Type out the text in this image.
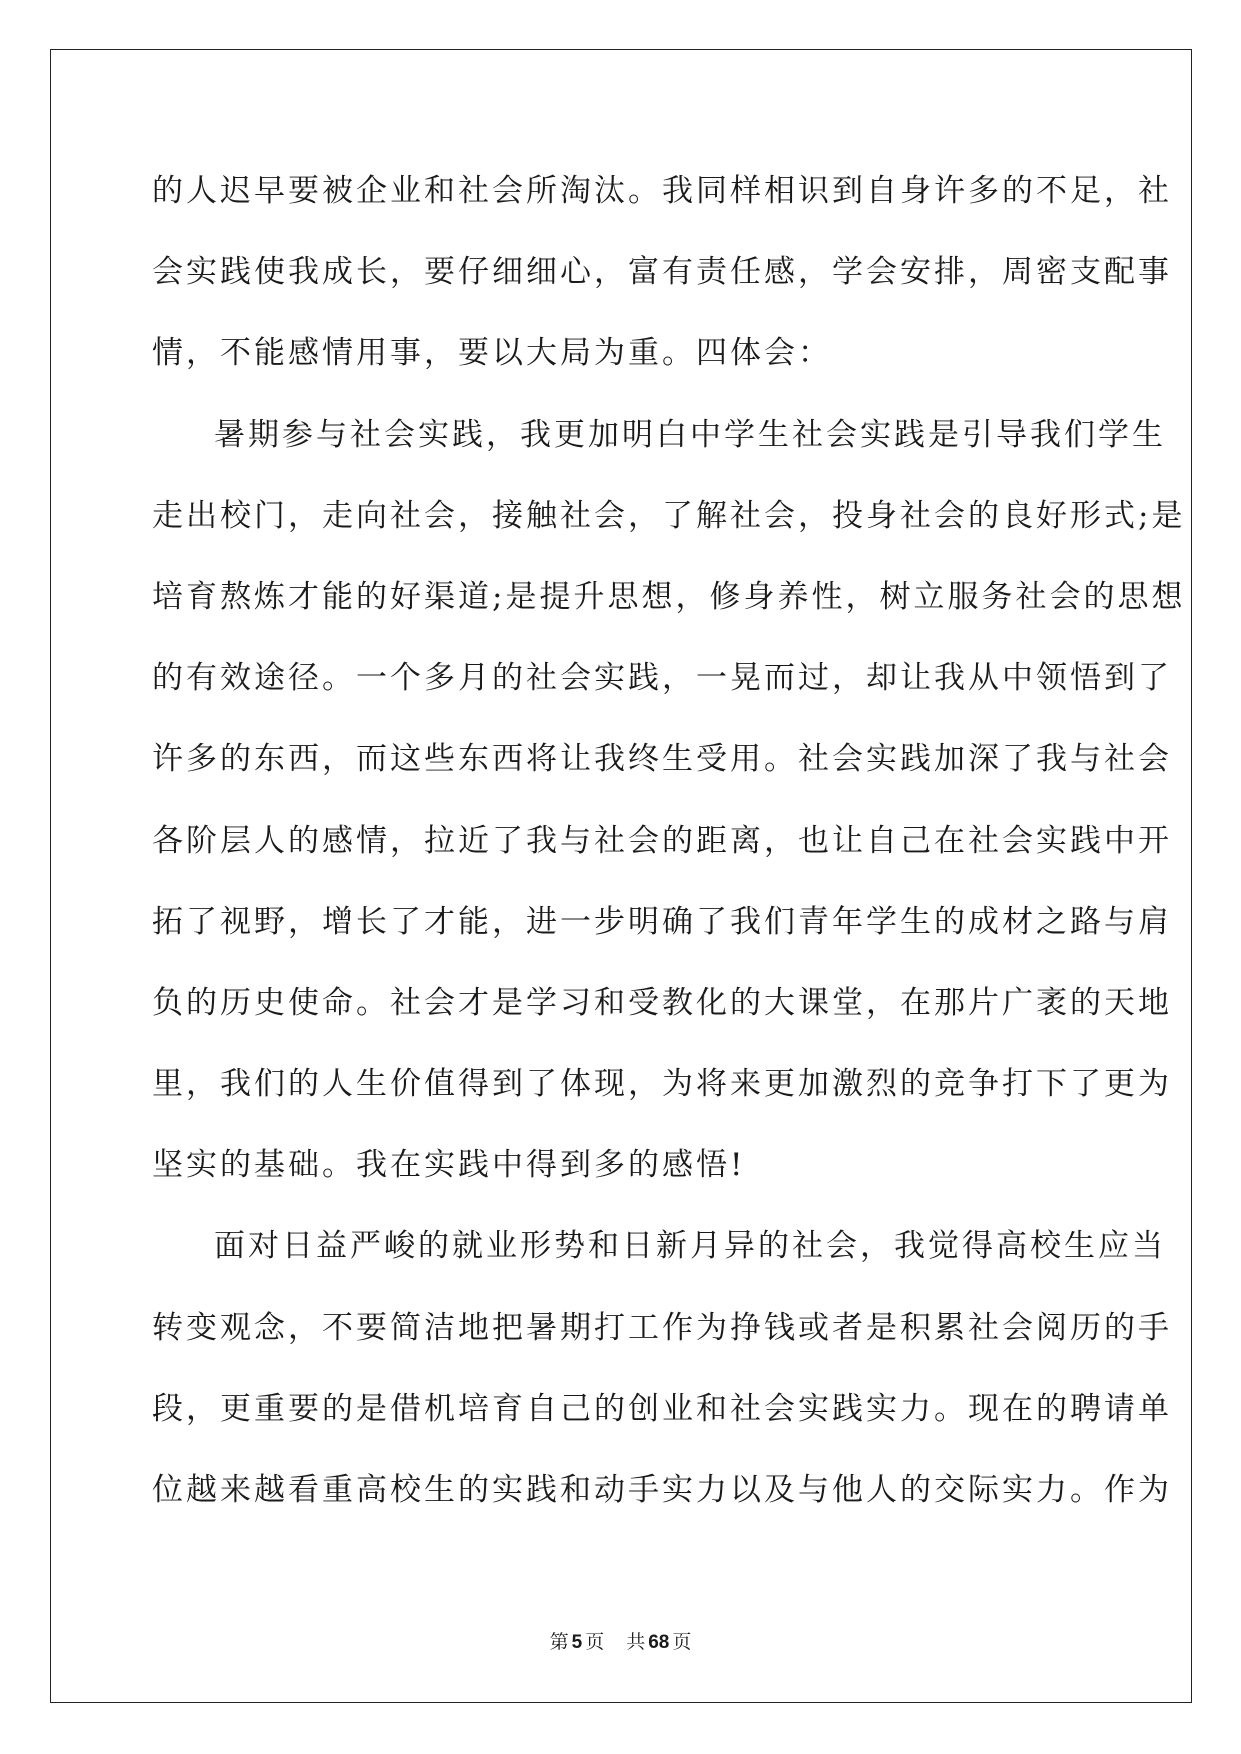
的人迟早要被企业和社会所淘汰。我同样相识到自身许多的不足，社
会实践使我成长，要仔细细心，富有责任感，学会安排，周密支配事
情，不能感情用事，要以大局为重。四体会：
暑期参与社会实践，我更加明白中学生社会实践是引导我们学生
走出校门，走向社会，接触社会，了解社会，投身社会的良好形式;是
培育熬炼才能的好渠道;是提升思想，修身养性，树立服务社会的思想
的有效途径。一个多月的社会实践，一晃而过，却让我从中领悟到了
许多的东西，而这些东西将让我终生受用。社会实践加深了我与社会
各阶层人的感情，拉近了我与社会的距离，也让自己在社会实践中开
拓了视野，增长了才能，进一步明确了我们青年学生的成材之路与肩
负的历史使命。社会才是学习和受教化的大课堂，在那片广袤的天地
里，我们的人生价值得到了体现，为将来更加激烈的竞争打下了更为
坚实的基础。我在实践中得到多的感悟!
面对日益严峻的就业形势和日新月异的社会，我觉得高校生应当
转变观念，不要简洁地把暑期打工作为挣钱或者是积累社会阅历的手
段，更重要的是借机培育自己的创业和社会实践实力。现在的聘请单
位越来越看重高校生的实践和动手实力以及与他人的交际实力。作为
第 5 页 共 68 页
